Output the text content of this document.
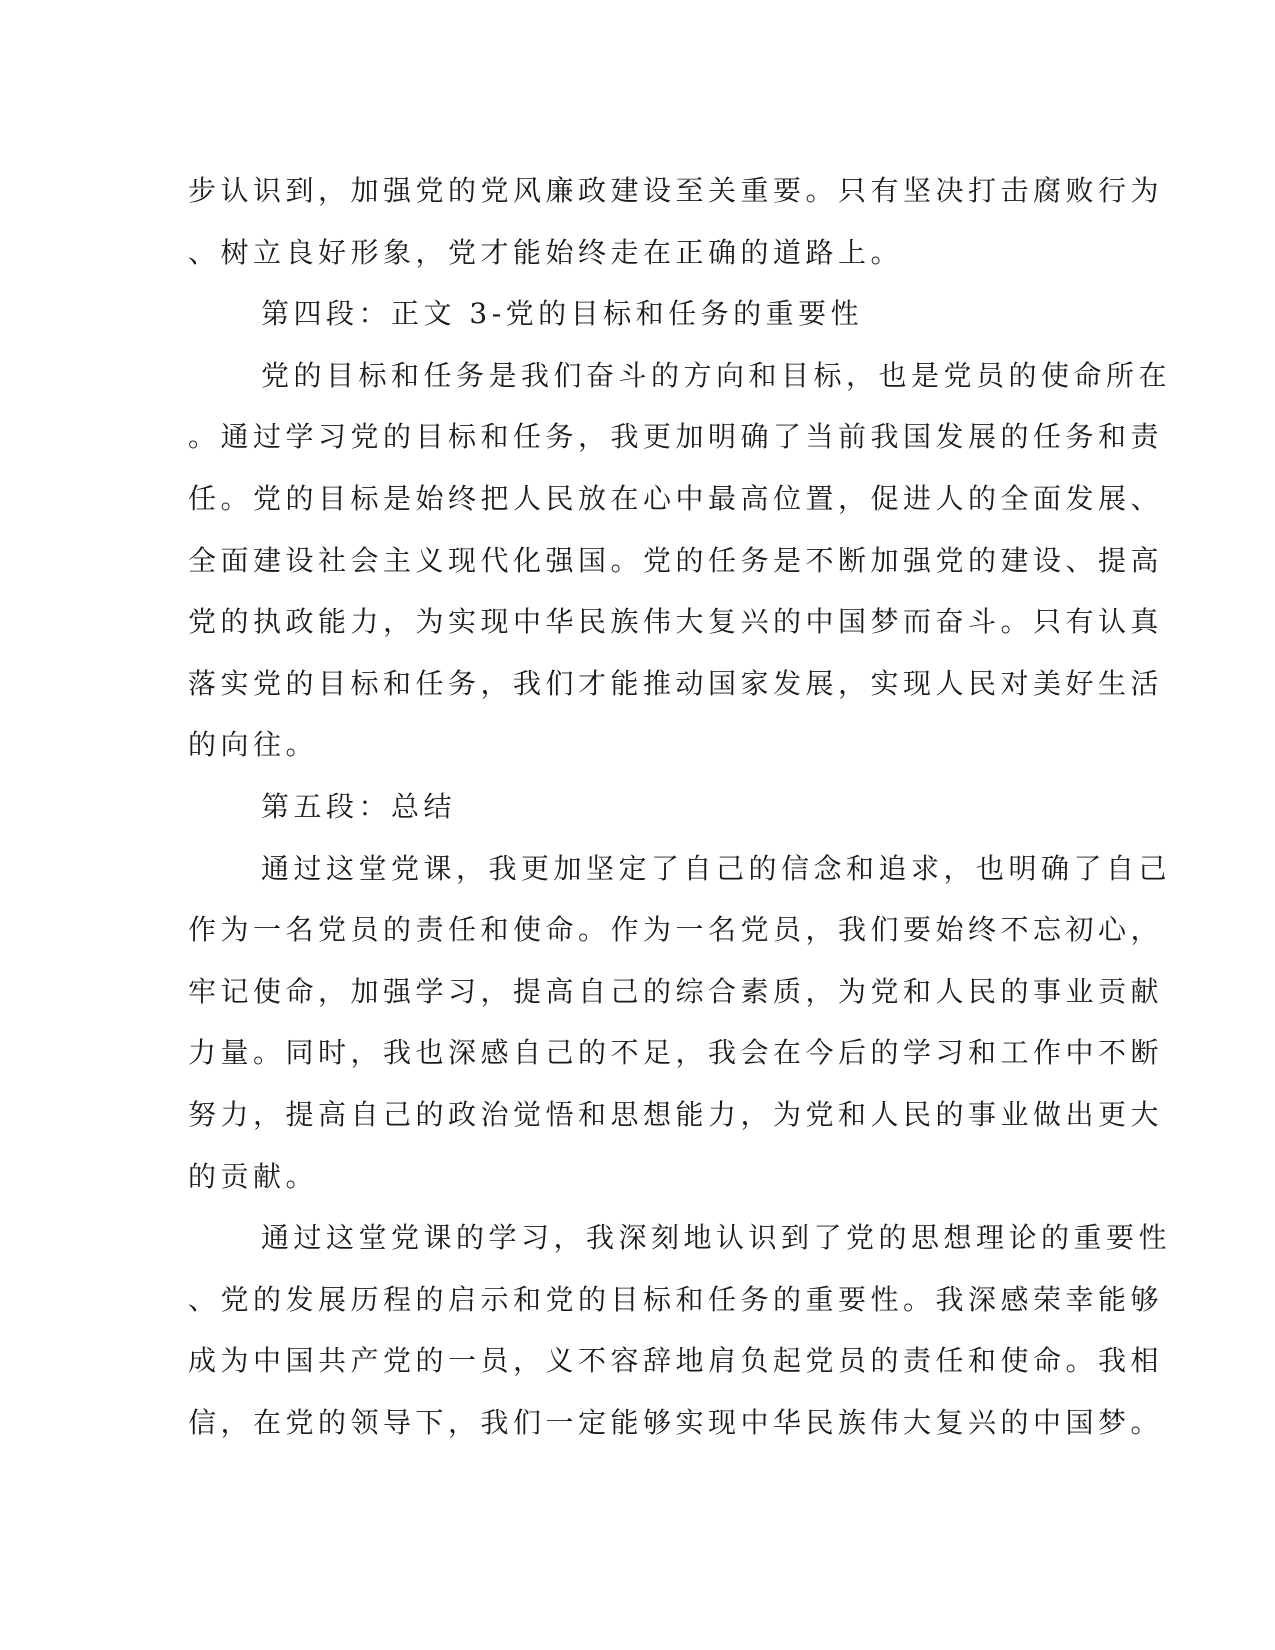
步认识到，加强党的党风廉政建设至关重要。只有坚决打击腐败行为
、树立良好形象，党才能始终走在正确的道路上。
第四段：正文 3-党的目标和任务的重要性
党的目标和任务是我们奋斗的方向和目标，也是党员的使命所在
。通过学习党的目标和任务，我更加明确了当前我国发展的任务和责
任。党的目标是始终把人民放在心中最高位置，促进人的全面发展、
全面建设社会主义现代化强国。党的任务是不断加强党的建设、提高
党的执政能力，为实现中华民族伟大复兴的中国梦而奋斗。只有认真
落实党的目标和任务，我们才能推动国家发展，实现人民对美好生活
的向往。
第五段：总结
通过这堂党课，我更加坚定了自己的信念和追求，也明确了自己
作为一名党员的责任和使命。作为一名党员，我们要始终不忘初心，
牢记使命，加强学习，提高自己的综合素质，为党和人民的事业贡献
力量。同时，我也深感自己的不足，我会在今后的学习和工作中不断
努力，提高自己的政治觉悟和思想能力，为党和人民的事业做出更大
的贡献。
通过这堂党课的学习，我深刻地认识到了党的思想理论的重要性
、党的发展历程的启示和党的目标和任务的重要性。我深感荣幸能够
成为中国共产党的一员，义不容辞地肩负起党员的责任和使命。我相
信，在党的领导下，我们一定能够实现中华民族伟大复兴的中国梦。
